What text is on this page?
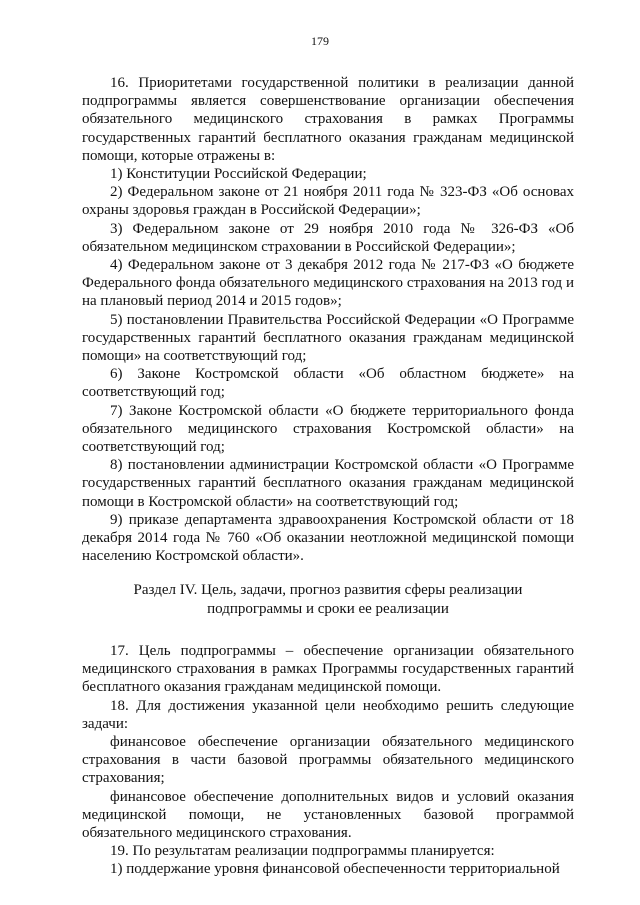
179

16. Приоритетами государственной политики в реализации данной подпрограммы является совершенствование организации обеспечения обязательного медицинского страхования в рамках Программы государственных гарантий бесплатного оказания гражданам медицинской помощи, которые отражены в:

1) Конституции Российской Федерации;

2) Федеральном законе от 21 ноября 2011 года № 323-ФЗ «Об основах охраны здоровья граждан в Российской Федерации»;

3) Федеральном законе от 29 ноября 2010 года № 326-ФЗ «Об обязательном медицинском страховании в Российской Федерации»;

4) Федеральном законе от 3 декабря 2012 года № 217-ФЗ «О бюджете Федерального фонда обязательного медицинского страхования на 2013 год и на плановый период 2014 и 2015 годов»;

5) постановлении Правительства Российской Федерации «О Программе государственных гарантий бесплатного оказания гражданам медицинской помощи» на соответствующий год;

6) Законе Костромской области «Об областном бюджете» на соответствующий год;

7) Законе Костромской области «О бюджете территориального фонда обязательного медицинского страхования Костромской области» на соответствующий год;

8) постановлении администрации Костромской области «О Программе государственных гарантий бесплатного оказания гражданам медицинской помощи в Костромской области» на соответствующий год;

9) приказе департамента здравоохранения Костромской области от 18 декабря 2014 года № 760 «Об оказании неотложной медицинской помощи населению Костромской области».

Раздел IV. Цель, задачи, прогноз развития сферы реализации
подпрограммы и сроки ее реализации

17. Цель подпрограммы – обеспечение организации обязательного медицинского страхования в рамках Программы государственных гарантий бесплатного оказания гражданам медицинской помощи.

18. Для достижения указанной цели необходимо решить следующие задачи:

финансовое обеспечение организации обязательного медицинского страхования в части базовой программы обязательного медицинского страхования;

финансовое обеспечение дополнительных видов и условий оказания медицинской помощи, не установленных базовой программой обязательного медицинского страхования.

19. По результатам реализации подпрограммы планируется:

1) поддержание уровня финансовой обеспеченности территориальной
